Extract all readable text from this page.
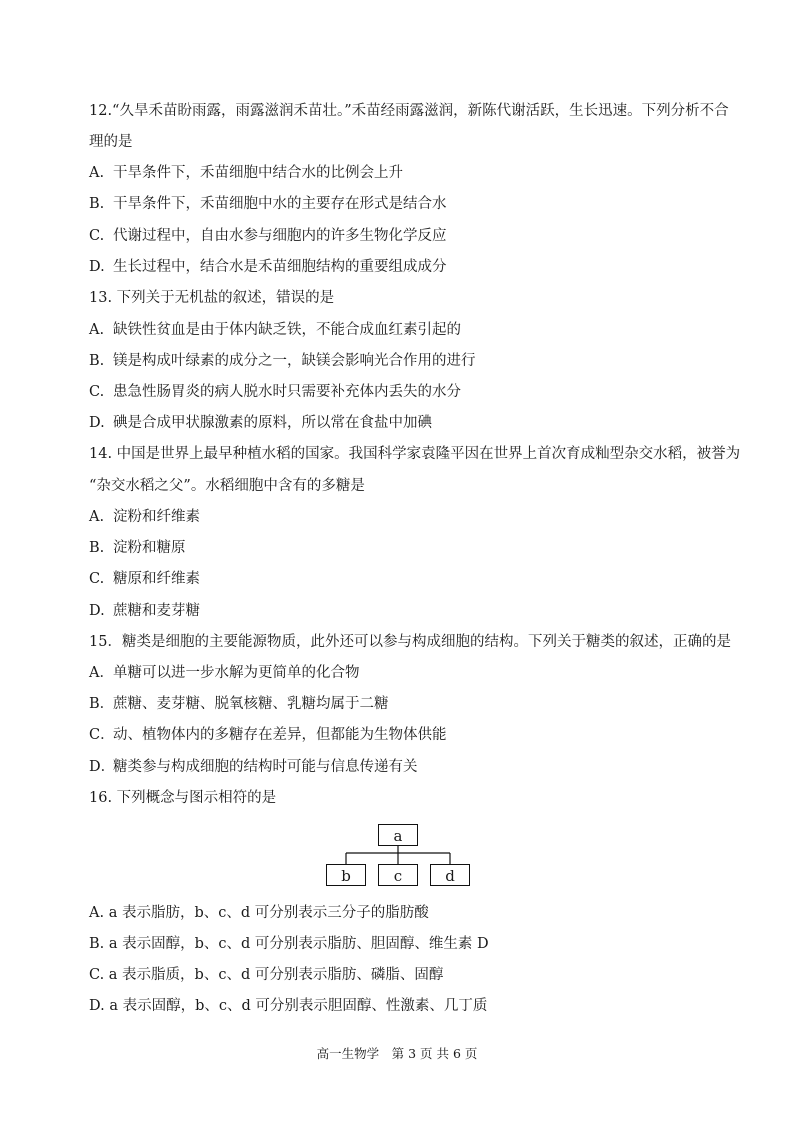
12.“久旱禾苗盼雨露，雨露滋润禾苗壮。”禾苗经雨露滋润，新陈代谢活跃，生长迅速。下列分析不合
理的是
A. 干旱条件下，禾苗细胞中结合水的比例会上升
B. 干旱条件下，禾苗细胞中水的主要存在形式是结合水
C. 代谢过程中，自由水参与细胞内的许多生物化学反应
D. 生长过程中，结合水是禾苗细胞结构的重要组成成分
13. 下列关于无机盐的叙述，错误的是
A. 缺铁性贫血是由于体内缺乏铁，不能合成血红素引起的
B. 镁是构成叶绿素的成分之一，缺镁会影响光合作用的进行
C. 患急性肠胃炎的病人脱水时只需要补充体内丢失的水分
D. 碘是合成甲状腺激素的原料，所以常在食盐中加碘
14. 中国是世界上最早种植水稻的国家。我国科学家袁隆平因在世界上首次育成籼型杂交水稻，被誉为
“杂交水稻之父”。水稻细胞中含有的多糖是
A. 淀粉和纤维素
B. 淀粉和糖原
C. 糖原和纤维素
D. 蔗糖和麦芽糖
15．糖类是细胞的主要能源物质，此外还可以参与构成细胞的结构。下列关于糖类的叙述，正确的是
A．单糖可以进一步水解为更简单的化合物
B．蔗糖、麦芽糖、脱氧核糖、乳糖均属于二糖
C．动、植物体内的多糖存在差异，但都能为生物体供能
D．糖类参与构成细胞的结构时可能与信息传递有关
16. 下列概念与图示相符的是
a
b	c	d
A. a 表示脂肪，b、c、d 可分别表示三分子的脂肪酸
B. a 表示固醇，b、c、d 可分别表示脂肪、胆固醇、维生素 D
C. a 表示脂质，b、c、d 可分别表示脂肪、磷脂、固醇
D. a 表示固醇，b、c、d 可分别表示胆固醇、性激素、几丁质
高一生物学　第 3 页 共 6 页
